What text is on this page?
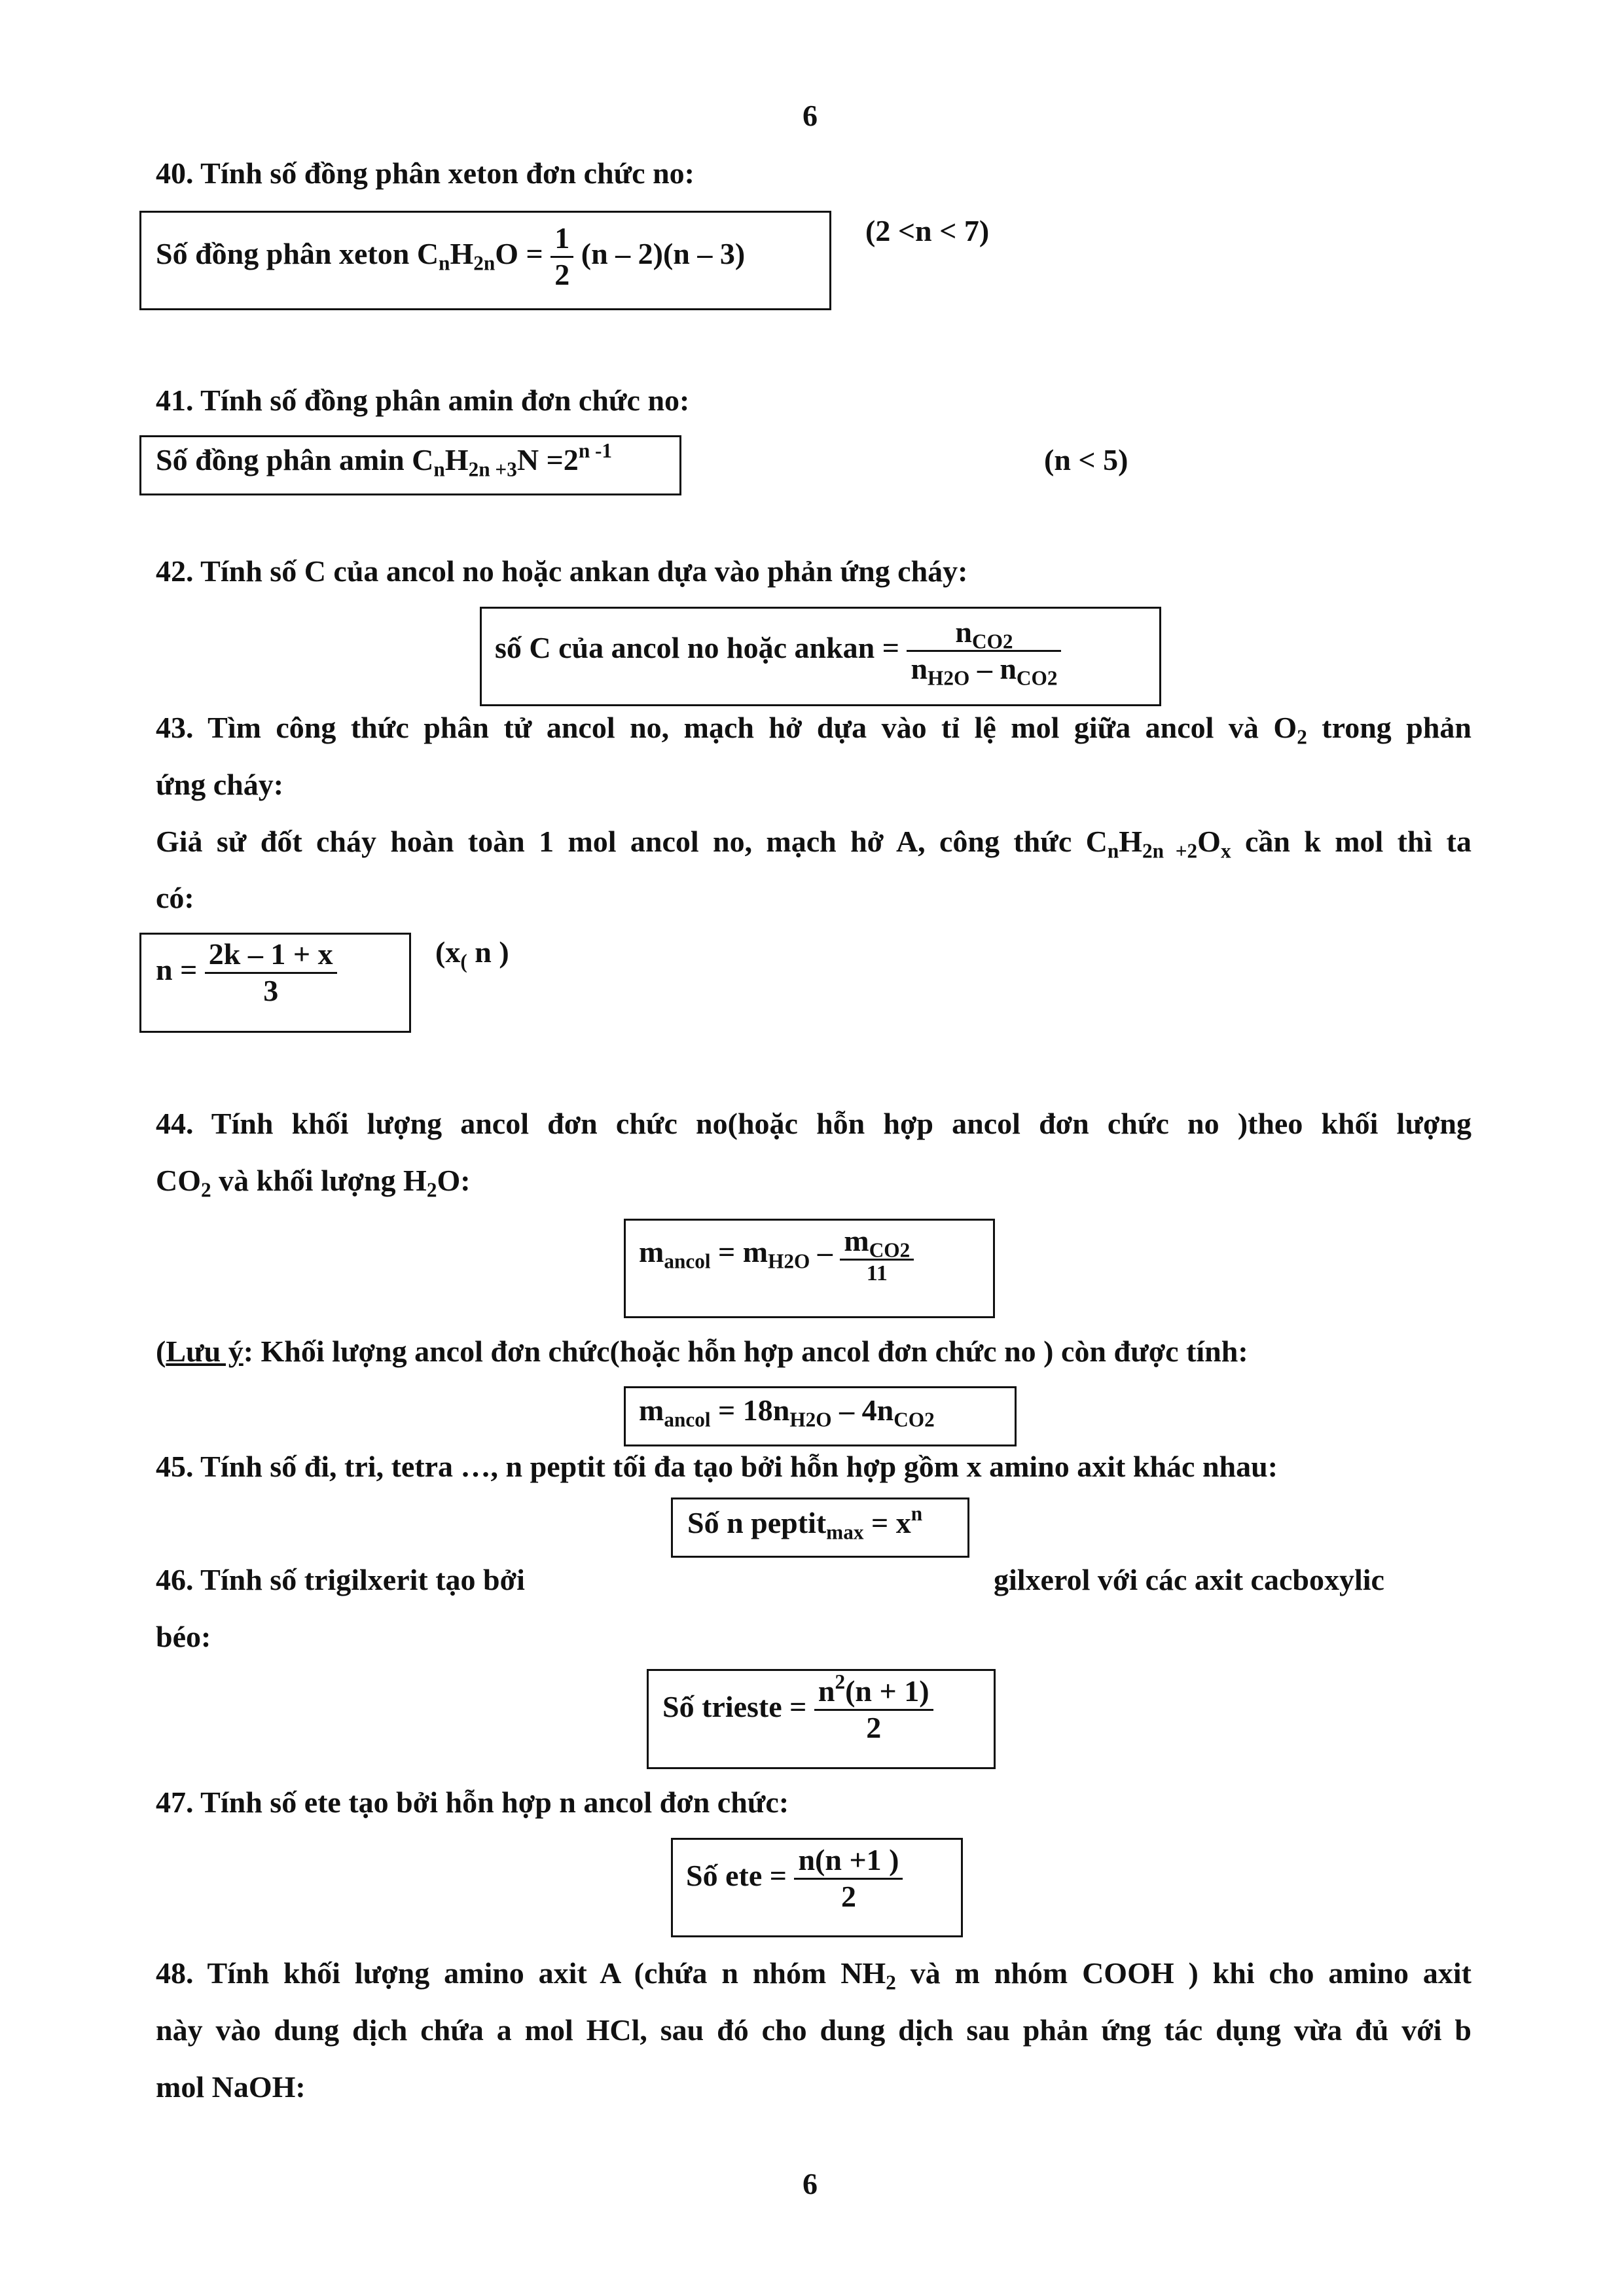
6
40. Tính số đồng phân xeton đơn chức no:
Số đồng phân xeton $C_nH_{2n}O = \frac{1}{2} (n - 2)(n - 3)$
(2 <n < 7)
41. Tính số đồng phân amin đơn chức no:
Số đồng phân amin $C_nH_{2n +3}N =2^{n -1}$	(n < 5)
42. Tính số C của ancol no hoặc ankan dựa vào phản ứng cháy:
số C của ancol no hoặc ankan = $\frac{n_{CO2}}{n_{H2O} - n_{CO2}}$
43. Tìm công thức phân tử ancol no, mạch hở dựa vào tỉ lệ mol giữa ancol và $O_2$ trong phản
ứng cháy:
Giả sử đốt cháy hoàn toàn 1 mol ancol no, mạch hở A, công thức $C_nH_{2n +2}O_x$ cần k mol thì ta
có:
$n = \frac{2k - 1 + x}{3}$	($x_($ n )
44. Tính khối lượng ancol đơn chức no(hoặc hỗn hợp ancol đơn chức no )theo khối lượng
$CO_2$ và khối lượng $H_2O$:
$m_{ancol} = m_{H2O} - \frac{m_{CO2}}{11}$
(Lưu ý: Khối lượng ancol đơn chức(hoặc hỗn hợp ancol đơn chức no ) còn được tính:
$m_{ancol} = 18n_{H2O} - 4n_{CO2}$
45. Tính số đi, tri, tetra …, n peptit tối đa tạo bởi hỗn hợp gồm x amino axit khác nhau:
Số n peptit$_{max}$ = $x^n$
46. Tính số trigilxerit tạo bởi	gilxerol với các axit cacboxylic
béo:
Số trieste = $\frac{n^2(n + 1)}{2}$
47. Tính số ete tạo bởi hỗn hợp n ancol đơn chức:
Số ete = $\frac{n(n +1 )}{2}$
48. Tính khối lượng amino axit A (chứa n nhóm $NH_2$ và m nhóm COOH ) khi cho amino axit
này vào dung dịch chứa a mol HCl, sau đó cho dung dịch sau phản ứng tác dụng vừa đủ với b
mol NaOH:
6
